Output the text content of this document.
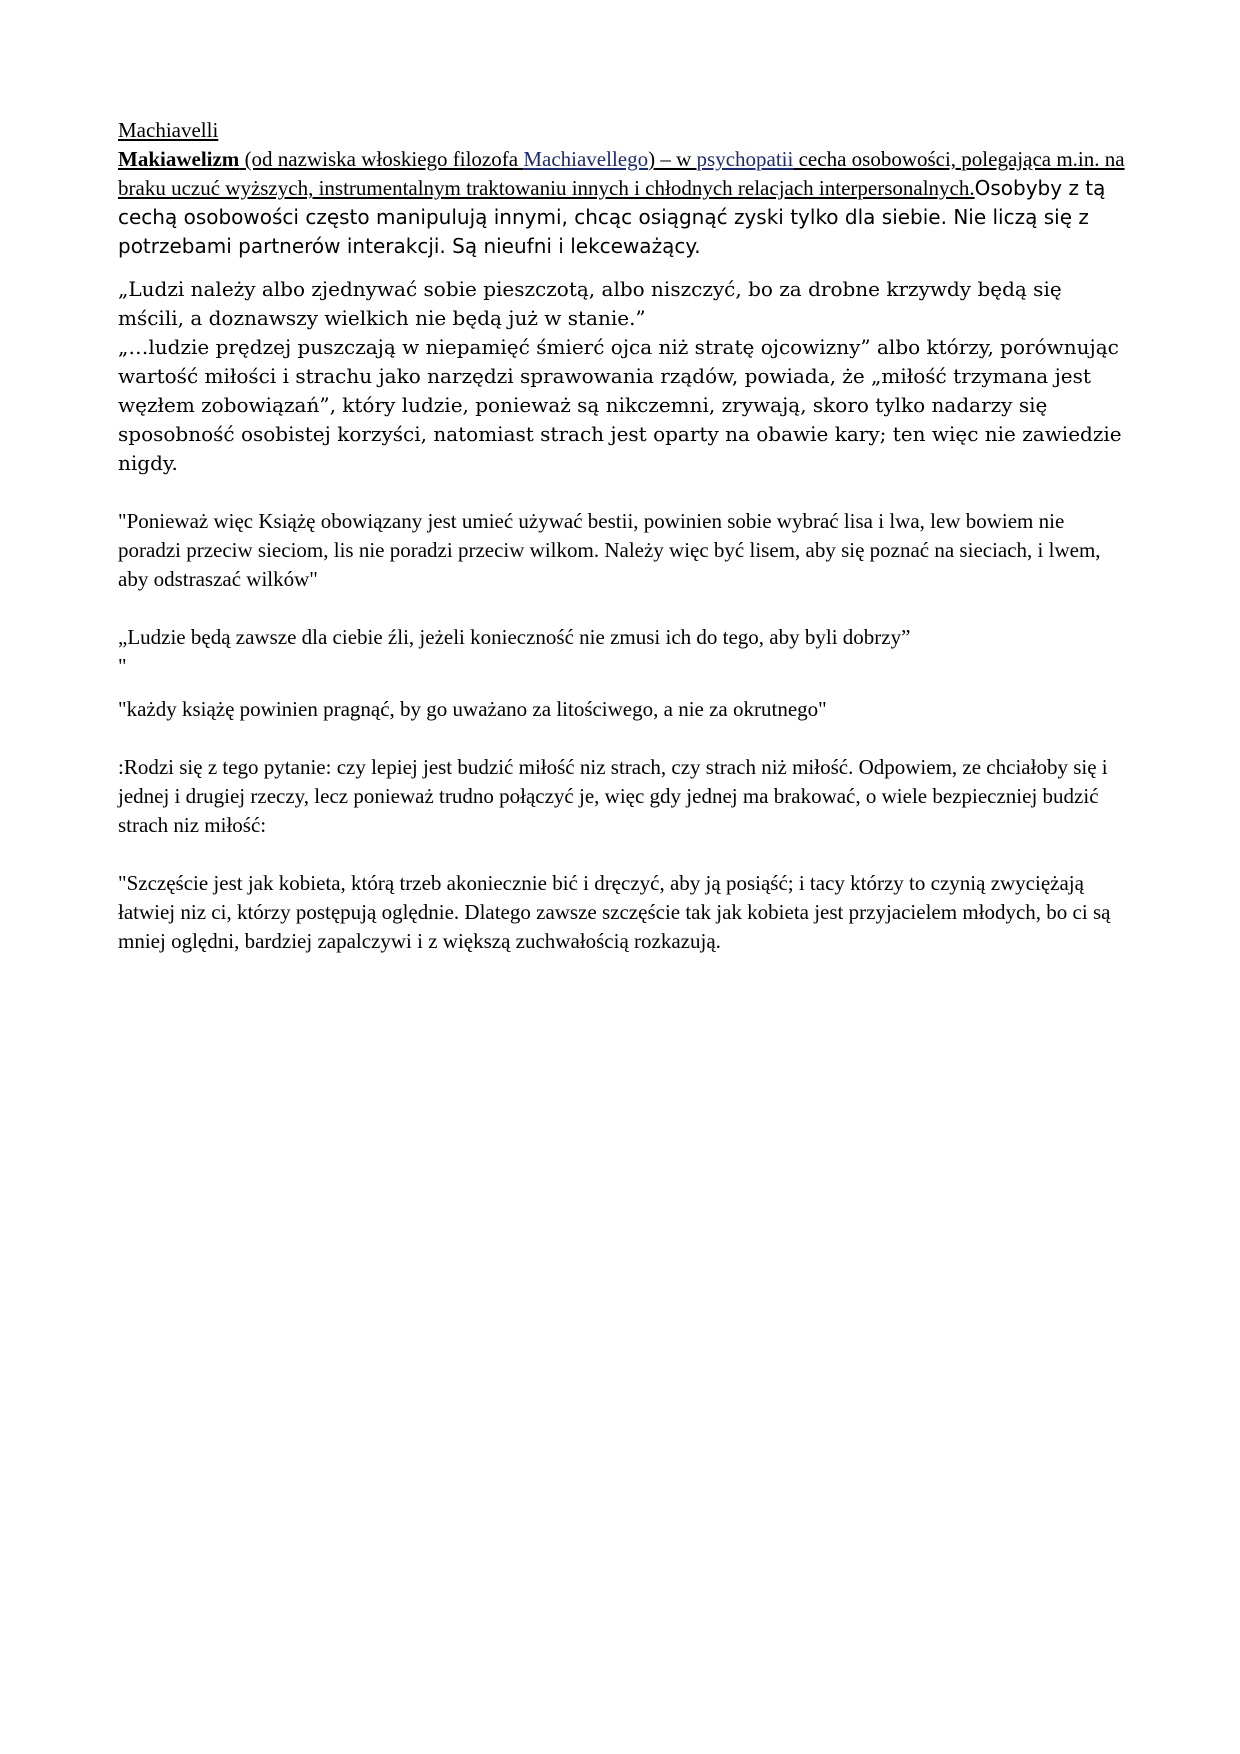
Machiavelli
Makiawelizm (od nazwiska włoskiego filozofa Machiavellego) – w psychopatii cecha osobowości, polegająca m.in. na braku uczuć wyższych, instrumentalnym traktowaniu innych i chłodnych relacjach interpersonalnych.Osobyby z tą cechą osobowości często manipulują innymi, chcąc osiągnąć zyski tylko dla siebie. Nie liczą się z potrzebami partnerów interakcji. Są nieufni i lekceważący.
„Ludzi należy albo zjednywać sobie pieszczotą, albo niszczyć, bo za drobne krzywdy będą się mścili, a doznawszy wielkich nie będą już w stanie.”
„…ludzie prędzej puszczają w niepamięć śmierć ojca niż stratę ojcowizny” albo którzy, porównując wartość miłości i strachu jako narzędzi sprawowania rządów, powiada, że „miłość trzymana jest węzłem zobowiązań”, który ludzie, ponieważ są nikczemni, zrywają, skoro tylko nadarzy się sposobność osobistej korzyści, natomiast strach jest oparty na obawie kary; ten więc nie zawiedzie nigdy.
"Ponieważ więc Książę obowiązany jest umieć używać bestii, powinien sobie wybrać lisa i lwa, lew bowiem nie poradzi przeciw sieciom, lis nie poradzi przeciw wilkom. Należy więc być lisem, aby się poznać na sieciach, i lwem, aby odstraszać wilków"
„Ludzie będą zawsze dla ciebie źli, jeżeli konieczność nie zmusi ich do tego, aby byli dobrzy”
"
"każdy książę powinien pragnąć, by go uważano za litościwego, a nie za okrutnego"
:Rodzi się z tego pytanie: czy lepiej jest budzić miłość niz strach, czy strach niż miłość. Odpowiem, ze chciałoby się i jednej i drugiej rzeczy, lecz ponieważ trudno połączyć je, więc gdy jednej ma brakować, o wiele bezpieczniej budzić strach niz miłość:
"Szczęście jest jak kobieta, którą trzeb akoniecznie bić i dręczyć, aby ją posiąść; i tacy którzy to czynią zwyciężają łatwiej niz ci, którzy postępują oględnie. Dlatego zawsze szczęście tak jak kobieta jest przyjacielem młodych, bo ci są mniej oględni, bardziej zapalczywi i z większą zuchwałością rozkazują.
